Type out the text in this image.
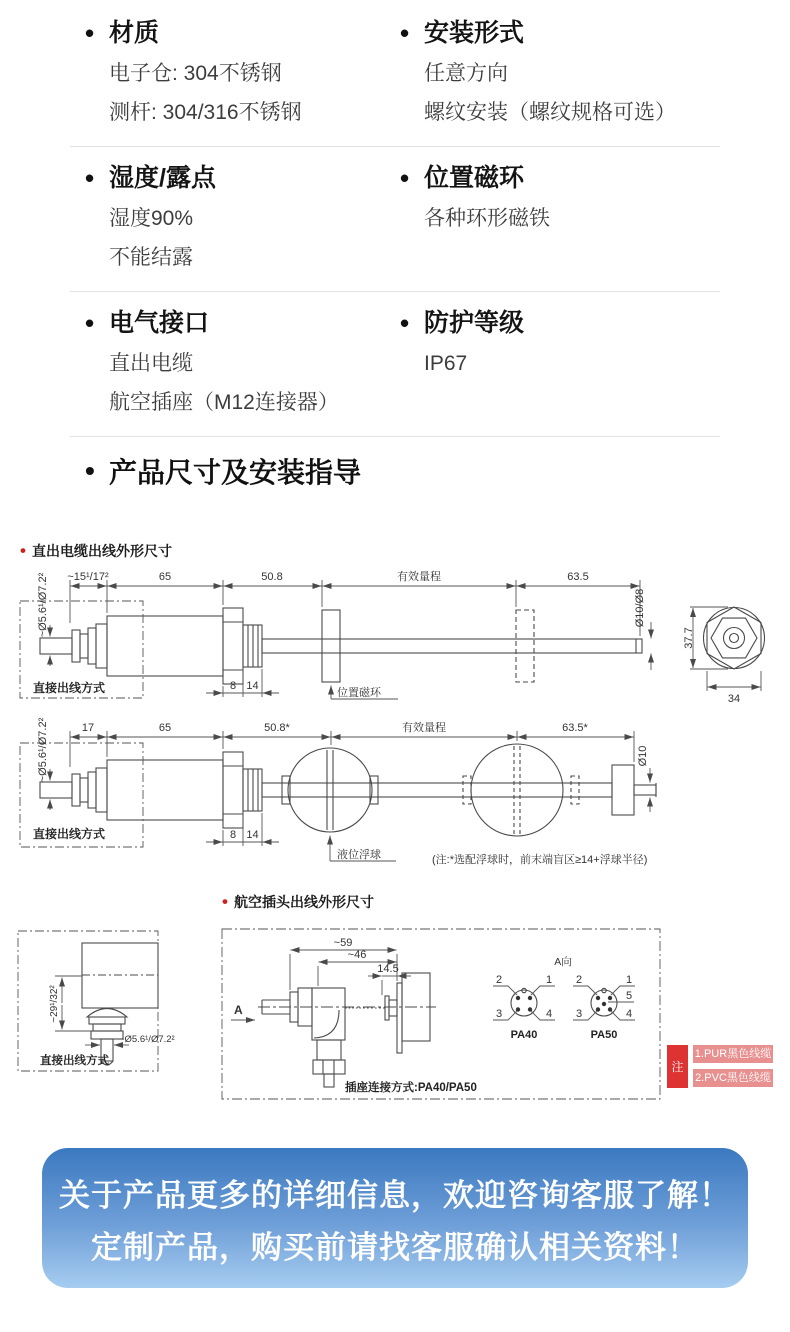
• 材质
电子仓: 304不锈钢
测杆: 304/316不锈钢
• 安装形式
任意方向
螺纹安装（螺纹规格可选）
• 湿度/露点
湿度90%
不能结露
• 位置磁环
各种环形磁铁
• 电气接口
直出电缆
航空插座（M12连接器）
• 防护等级
IP67
• 产品尺寸及安装指导
• 直出电缆出线外形尺寸
~15¹/17²	65	50.8	有效量程	63.5
直接出线方式
~Ø5.6¹/Ø7.2²	Ø10/Ø8
位置磁环
8 14
37.7
34
17	65	50.8*	有效量程	63.5*
直接出线方式
~Ø5.6¹/Ø7.2²	Ø10
液位浮球	(注:*选配浮球时，前末端盲区≥14+浮球半径)
8 14
• 航空插头出线外形尺寸
~29¹/32²
~Ø5.6¹/Ø7.2²
直接出线方式
~59
~46
14.5
A
插座连接方式:PA40/PA50
A向
2	1
3	4
PA40
2	1
3	4
5
PA50
注
1.PUR黑色线缆
2.PVC黑色线缆
关于产品更多的详细信息，欢迎咨询客服了解！
定制产品，购买前请找客服确认相关资料！
